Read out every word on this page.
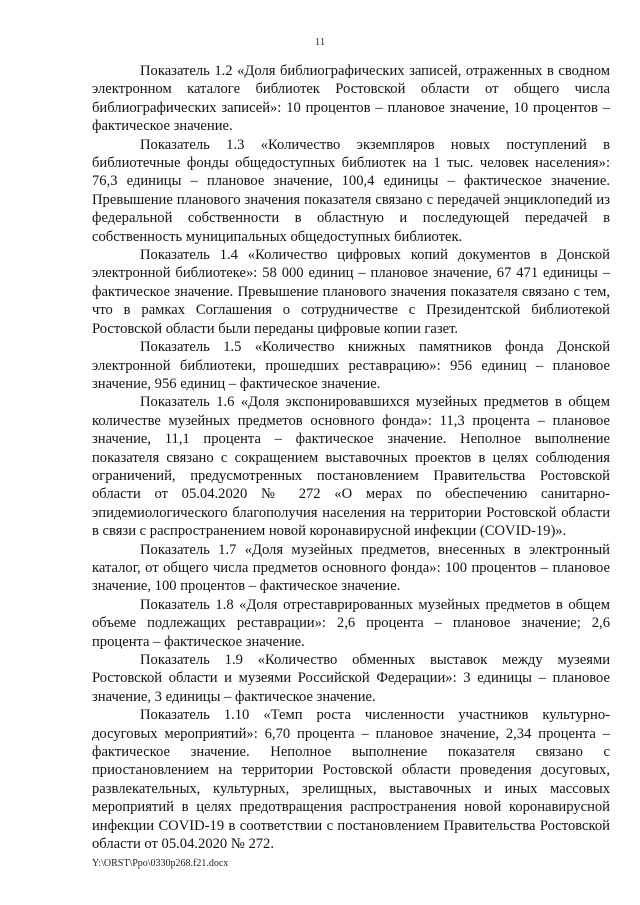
11

Показатель 1.2 «Доля библиографических записей, отраженных в сводном электронном каталоге библиотек Ростовской области от общего числа библиографических записей»: 10 процентов – плановое значение, 10 процентов – фактическое значение.

Показатель 1.3 «Количество экземпляров новых поступлений в библиотечные фонды общедоступных библиотек на 1 тыс. человек населения»: 76,3 единицы – плановое значение, 100,4 единицы – фактическое значение. Превышение планового значения показателя связано с передачей энциклопедий из федеральной собственности в областную и последующей передачей в собственность муниципальных общедоступных библиотек.

Показатель 1.4 «Количество цифровых копий документов в Донской электронной библиотеке»: 58 000 единиц – плановое значение, 67 471 единицы – фактическое значение. Превышение планового значения показателя связано с тем, что в рамках Соглашения о сотрудничестве с Президентской библиотекой Ростовской области были переданы цифровые копии газет.

Показатель 1.5 «Количество книжных памятников фонда Донской электронной библиотеки, прошедших реставрацию»: 956 единиц – плановое значение, 956 единиц – фактическое значение.

Показатель 1.6 «Доля экспонировавшихся музейных предметов в общем количестве музейных предметов основного фонда»: 11,3 процента – плановое значение, 11,1 процента – фактическое значение. Неполное выполнение показателя связано с сокращением выставочных проектов в целях соблюдения ограничений, предусмотренных постановлением Правительства Ростовской области от 05.04.2020 № 272 «О мерах по обеспечению санитарно-эпидемиологического благополучия населения на территории Ростовской области в связи с распространением новой коронавирусной инфекции (COVID-19)».

Показатель 1.7 «Доля музейных предметов, внесенных в электронный каталог, от общего числа предметов основного фонда»: 100 процентов – плановое значение, 100 процентов – фактическое значение.

Показатель 1.8 «Доля отреставрированных музейных предметов в общем объеме подлежащих реставрации»: 2,6 процента – плановое значение; 2,6 процента – фактическое значение.

Показатель 1.9 «Количество обменных выставок между музеями Ростовской области и музеями Российской Федерации»: 3 единицы – плановое значение, 3 единицы – фактическое значение.

Показатель 1.10 «Темп роста численности участников культурно-досуговых мероприятий»: 6,70 процента – плановое значение, 2,34 процента – фактическое значение. Неполное выполнение показателя связано с приостановлением на территории Ростовской области проведения досуговых, развлекательных, культурных, зрелищных, выставочных и иных массовых мероприятий в целях предотвращения распространения новой коронавирусной инфекции COVID-19 в соответствии с постановлением Правительства Ростовской области от 05.04.2020 № 272.

Y:\ORST\Ppo\0330p268.f21.docx
